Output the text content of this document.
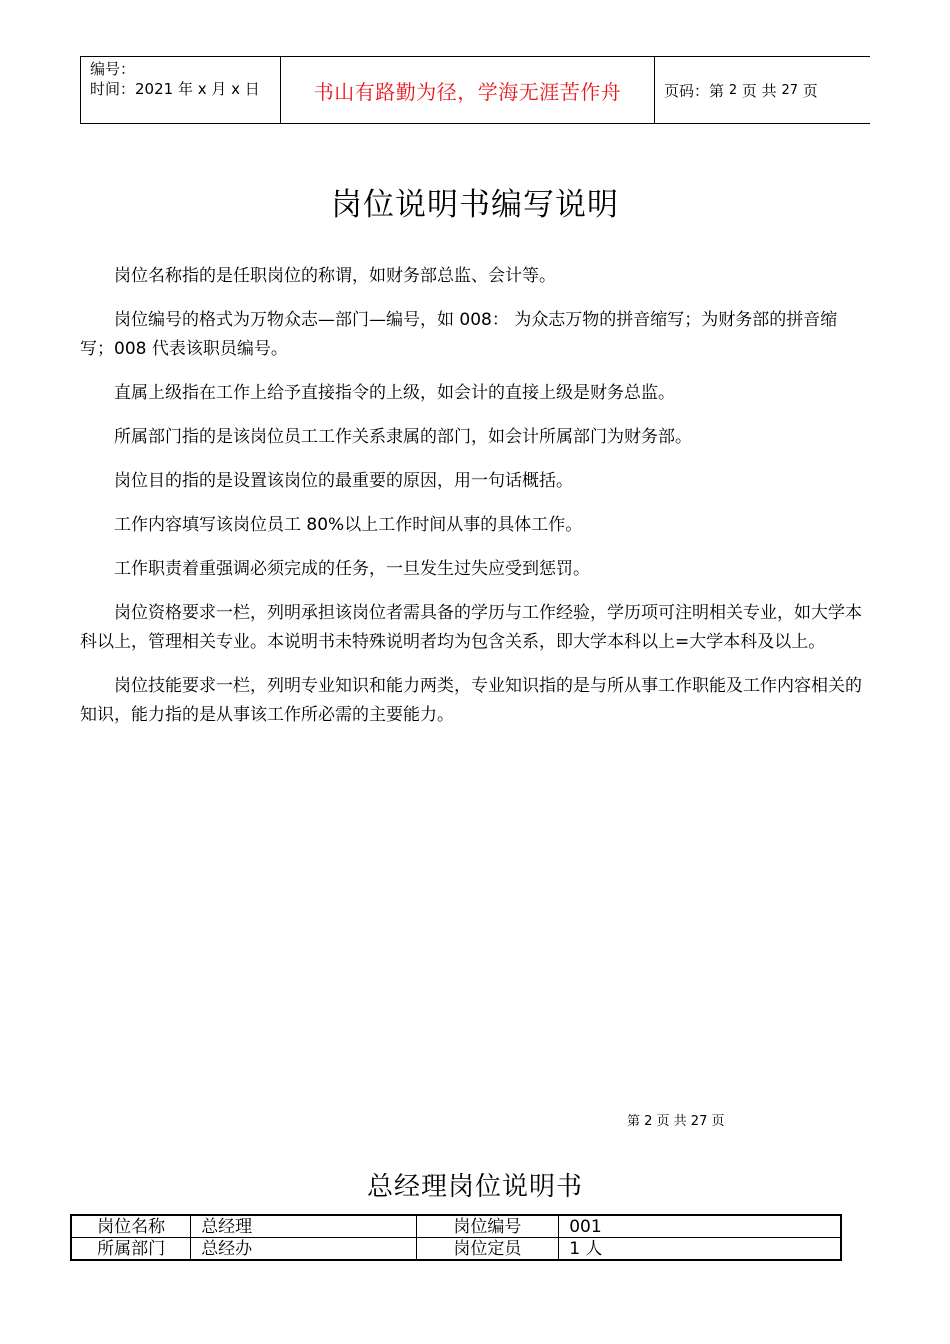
编号：
时间：2021 年 x 月 x 日	书山有路勤为径，学海无涯苦作舟	页码： 第
2
页 共
27
页
岗位说明书编写说明

岗位名称指的是任职岗位的称谓，如财务部总监、会计等。

岗位编号的格式为万物众志—部门—编号，如 008： 为众志万物的拼音缩写；为财务部的拼音缩写；008 代表该职员编号。

直属上级指在工作上给予直接指令的上级，如会计的直接上级是财务总监。

所属部门指的是该岗位员工工作关系隶属的部门，如会计所属部门为财务部。

岗位目的指的是设置该岗位的最重要的原因，用一句话概括。

工作内容填写该岗位员工 80%以上工作时间从事的具体工作。

工作职责着重强调必须完成的任务，一旦发生过失应受到惩罚。

岗位资格要求一栏，列明承担该岗位者需具备的学历与工作经验，学历项可注明相关专业，如大学本科以上，管理相关专业。本说明书未特殊说明者均为包含关系，即大学本科以上=大学本科及以上。

岗位技能要求一栏，列明专业知识和能力两类，专业知识指的是与所从事工作职能及工作内容相关的知识，能力指的是从事该工作所必需的主要能力。

第 2 页 共 27 页
总经理岗位说明书
岗位名称	总经理	岗位编号	001
所属部门	总经办	岗位定员	1 人
